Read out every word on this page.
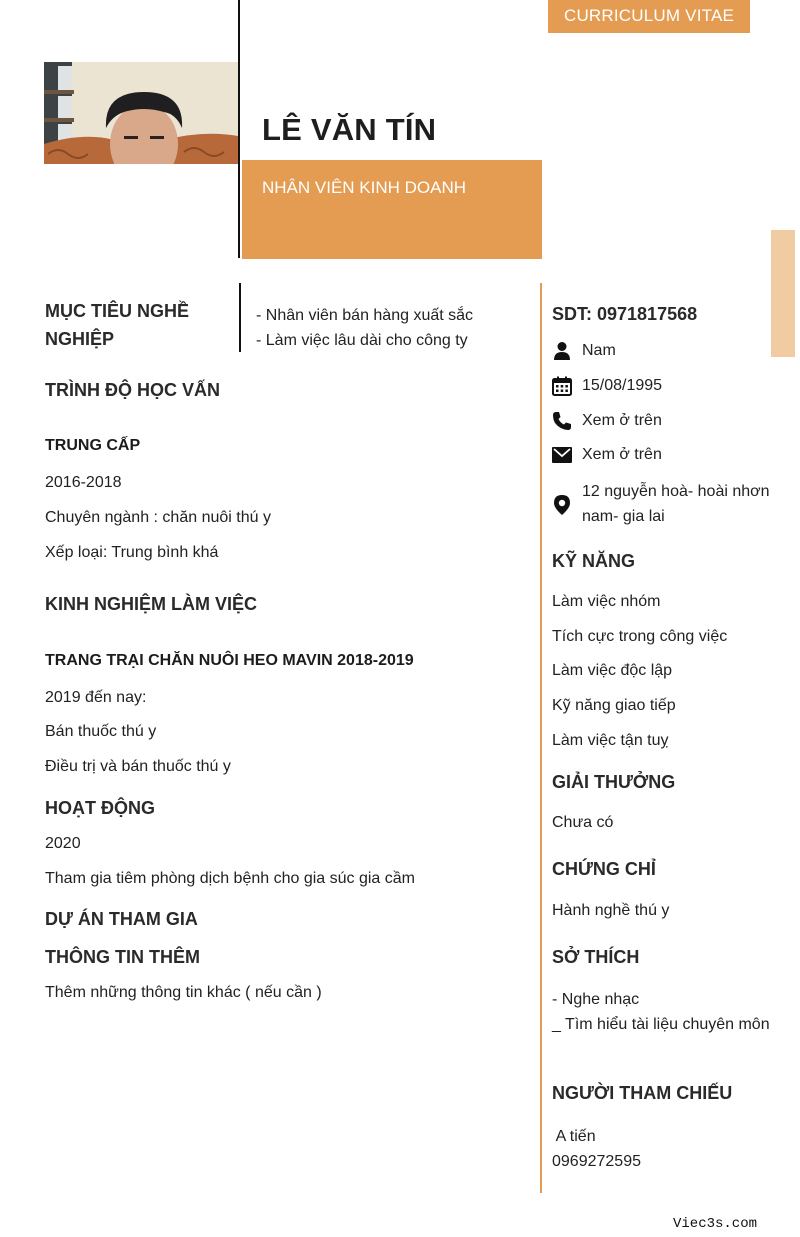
CURRICULUM VITAE
LÊ VĂN TÍN
NHÂN VIÊN KINH DOANH
MỤC TIÊU NGHỀ NGHIỆP
- Nhân viên bán hàng xuất sắc
- Làm việc lâu dài cho công ty
TRÌNH ĐỘ HỌC VẤN
TRUNG CẤP
2016-2018
Chuyên ngành : chăn nuôi thú y
Xếp loại: Trung bình khá
KINH NGHIỆM LÀM VIỆC
TRANG TRẠI CHĂN NUÔI HEO MAVIN 2018-2019
2019 đến nay:
Bán thuốc thú y
Điều trị và bán thuốc thú y
HOẠT ĐỘNG
2020
Tham gia tiêm phòng dịch bệnh cho gia súc gia cầm
DỰ ÁN THAM GIA
THÔNG TIN THÊM
Thêm những thông tin khác ( nếu cần )
SDT: 0971817568
Nam
15/08/1995
Xem ở trên
Xem ở trên
12 nguyễn hoà- hoài nhơn nam- gia lai
KỸ NĂNG
Làm việc nhóm
Tích cực trong công việc
Làm việc độc lập
Kỹ năng giao tiếp
Làm việc tận tuỵ
GIẢI THƯỞNG
Chưa có
CHỨNG CHỈ
Hành nghề thú y
SỞ THÍCH
- Nghe nhạc
_ Tìm hiểu tài liệu chuyên môn
NGƯỜI THAM CHIẾU
A tiến
0969272595
Viec3s.com
